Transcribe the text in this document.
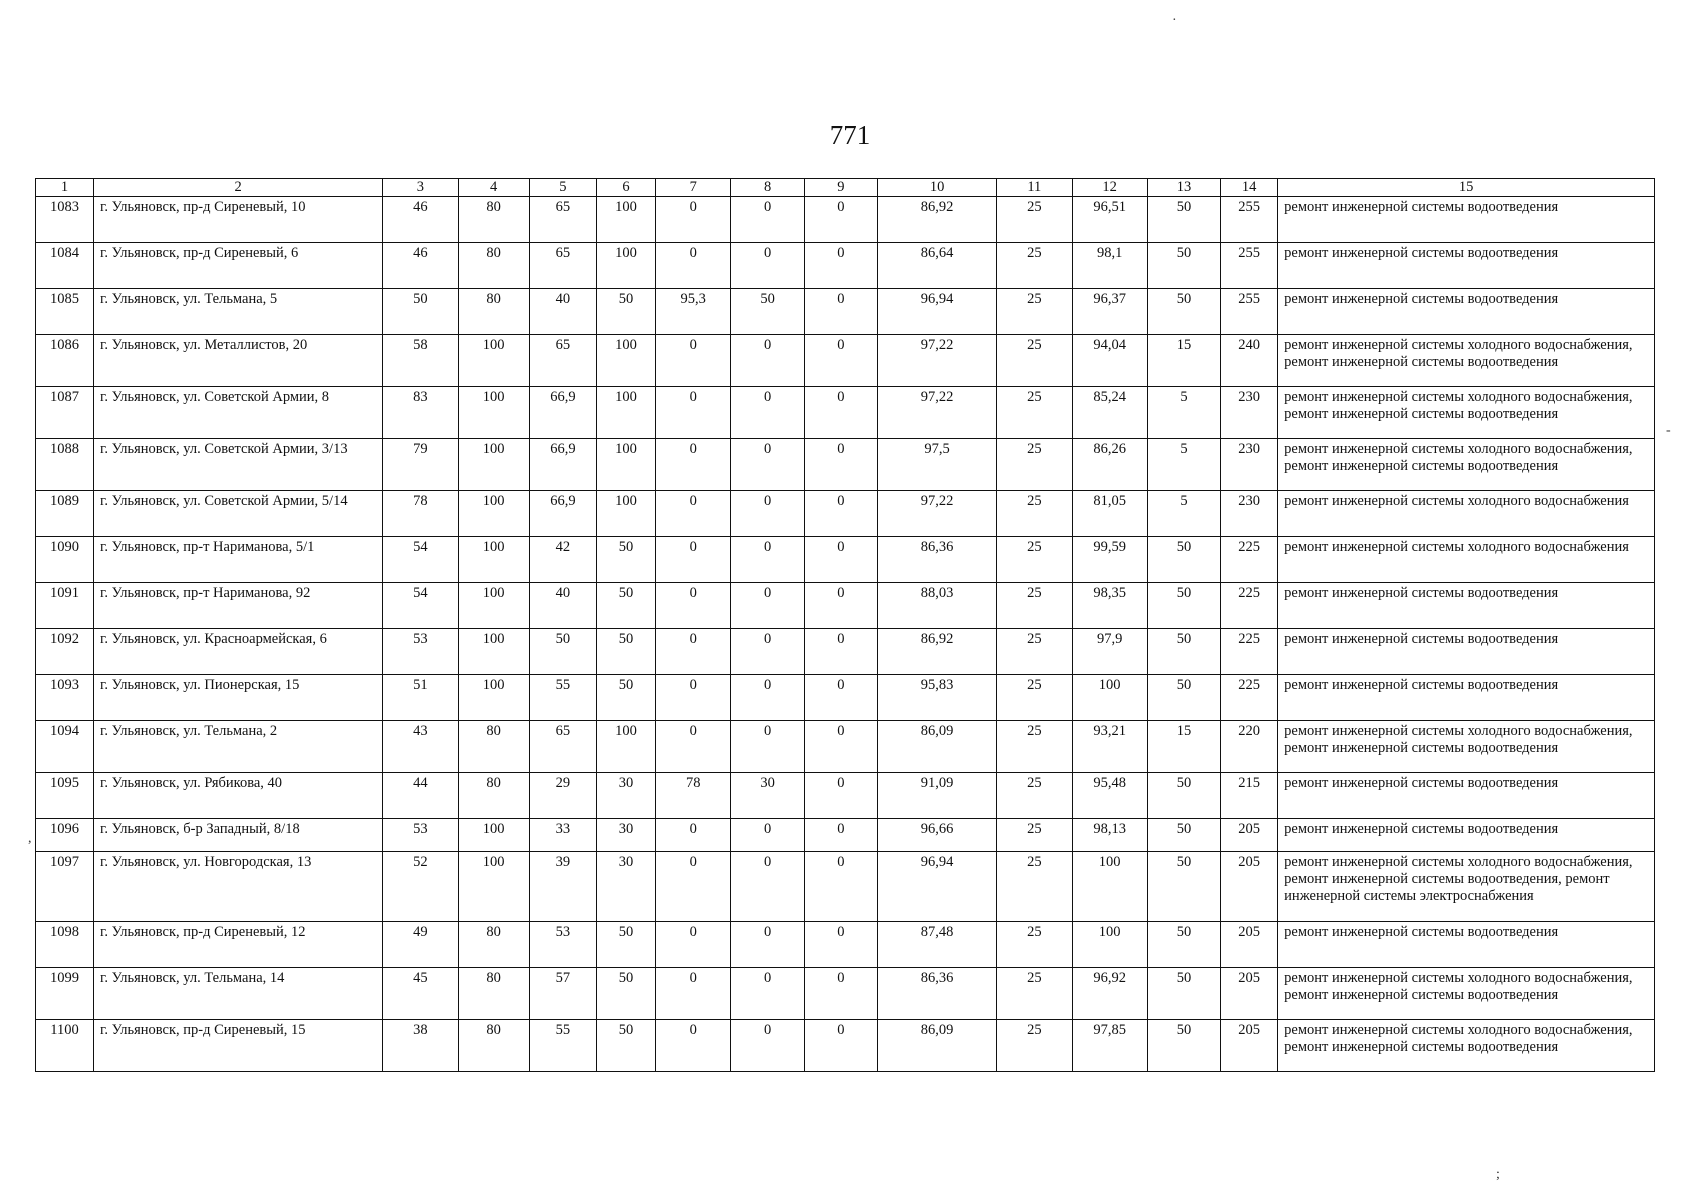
771
·
-
,
;
1	2	3	4	5	6	7	8	9	10	11	12	13	14	15
1083	г. Ульяновск, пр-д Сиреневый, 10	46	80	65	100	0	0	0	86,92	25	96,51	50	255	ремонт инженерной системы водоотведения
1084	г. Ульяновск, пр-д Сиреневый, 6	46	80	65	100	0	0	0	86,64	25	98,1	50	255	ремонт инженерной системы водоотведения
1085	г. Ульяновск, ул. Тельмана, 5	50	80	40	50	95,3	50	0	96,94	25	96,37	50	255	ремонт инженерной системы водоотведения
1086	г. Ульяновск, ул. Металлистов, 20	58	100	65	100	0	0	0	97,22	25	94,04	15	240	ремонт инженерной системы холодного водоснабжения, ремонт инженерной системы водоотведения
1087	г. Ульяновск, ул. Советской Армии, 8	83	100	66,9	100	0	0	0	97,22	25	85,24	5	230	ремонт инженерной системы холодного водоснабжения, ремонт инженерной системы водоотведения
1088	г. Ульяновск, ул. Советской Армии, 3/13	79	100	66,9	100	0	0	0	97,5	25	86,26	5	230	ремонт инженерной системы холодного водоснабжения, ремонт инженерной системы водоотведения
1089	г. Ульяновск, ул. Советской Армии, 5/14	78	100	66,9	100	0	0	0	97,22	25	81,05	5	230	ремонт инженерной системы холодного водоснабжения
1090	г. Ульяновск, пр-т Нариманова, 5/1	54	100	42	50	0	0	0	86,36	25	99,59	50	225	ремонт инженерной системы холодного водоснабжения
1091	г. Ульяновск, пр-т Нариманова, 92	54	100	40	50	0	0	0	88,03	25	98,35	50	225	ремонт инженерной системы водоотведения
1092	г. Ульяновск, ул. Красноармейская, 6	53	100	50	50	0	0	0	86,92	25	97,9	50	225	ремонт инженерной системы водоотведения
1093	г. Ульяновск, ул. Пионерская, 15	51	100	55	50	0	0	0	95,83	25	100	50	225	ремонт инженерной системы водоотведения
1094	г. Ульяновск, ул. Тельмана, 2	43	80	65	100	0	0	0	86,09	25	93,21	15	220	ремонт инженерной системы холодного водоснабжения, ремонт инженерной системы водоотведения
1095	г. Ульяновск, ул. Рябикова, 40	44	80	29	30	78	30	0	91,09	25	95,48	50	215	ремонт инженерной системы водоотведения
1096	г. Ульяновск, б-р Западный, 8/18	53	100	33	30	0	0	0	96,66	25	98,13	50	205	ремонт инженерной системы водоотведения
1097	г. Ульяновск, ул. Новгородская, 13	52	100	39	30	0	0	0	96,94	25	100	50	205	ремонт инженерной системы холодного водоснабжения, ремонт инженерной системы водоотведения, ремонт инженерной системы электроснабжения
1098	г. Ульяновск, пр-д Сиреневый, 12	49	80	53	50	0	0	0	87,48	25	100	50	205	ремонт инженерной системы водоотведения
1099	г. Ульяновск, ул. Тельмана, 14	45	80	57	50	0	0	0	86,36	25	96,92	50	205	ремонт инженерной системы холодного водоснабжения, ремонт инженерной системы водоотведения
1100	г. Ульяновск, пр-д Сиреневый, 15	38	80	55	50	0	0	0	86,09	25	97,85	50	205	ремонт инженерной системы холодного водоснабжения, ремонт инженерной системы водоотведения
